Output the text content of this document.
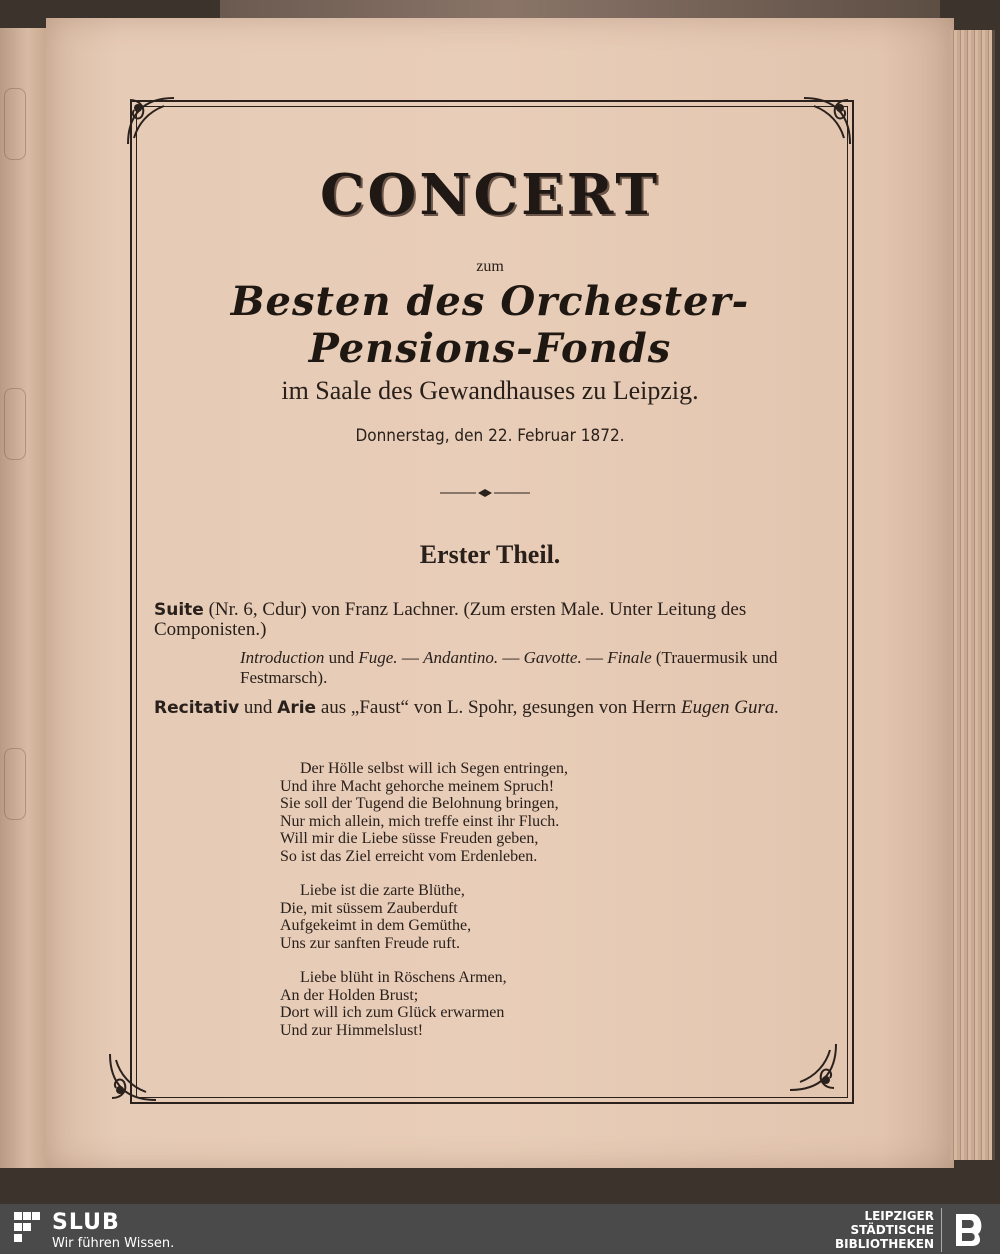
CONCERT
zum
Besten des Orchester-Pensions-Fonds
im Saale des Gewandhauses zu Leipzig.
Donnerstag, den 22. Februar 1872.
Erster Theil.
Suite (Nr. 6, Cdur) von Franz Lachner. (Zum ersten Male. Unter Leitung des Componisten.)
Introduction und Fuge. — Andantino. — Gavotte. — Finale (Trauermusik und Festmarsch).
Recitativ und Arie aus „Faust“ von L. Spohr, gesungen von Herrn Eugen Gura.
Der Hölle selbst will ich Segen entringen,
Und ihre Macht gehorche meinem Spruch!
Sie soll der Tugend die Belohnung bringen,
Nur mich allein, mich treffe einst ihr Fluch.
Will mir die Liebe süsse Freuden geben,
So ist das Ziel erreicht vom Erdenleben.
Liebe ist die zarte Blüthe,
Die, mit süssem Zauberduft
Aufgekeimt in dem Gemüthe,
Uns zur sanften Freude ruft.
Liebe blüht in Röschens Armen,
An der Holden Brust;
Dort will ich zum Glück erwarmen
Und zur Himmelslust!
SLUB
Wir führen Wissen.
LEIPZIGER
STÄDTISCHE
BIBLIOTHEKEN
